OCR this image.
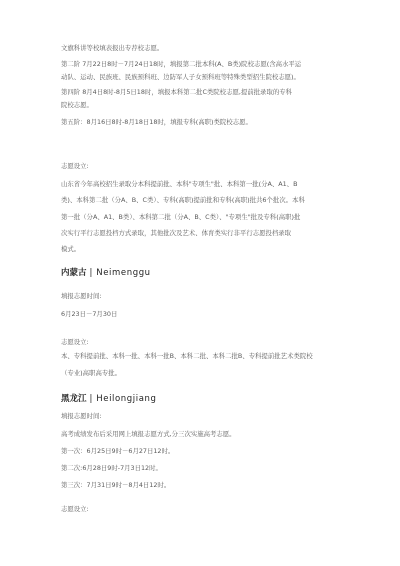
文旗科讲等校填表报出专荐校志愿。
第二阶 7月22日8时－7月24日18时，填报第二批本科(A、B类)院校志愿(含高水平运
动队、运动、民族班、民族预科班、边防军人子女预科班等特殊类型招生院校志愿)。
第四阶 8月4日8时-8月5日18时，填报本科第二批C类院校志愿,提前批录取的专科
院校志愿。
第五阶：8月16日8时-8月18日18时，填报专科(高职)类院校志愿。
志愿设立:
山东省今年高校招生录取分本科提前批、本科"专项生"批、本科第一批(分A、A1、B
类)、本科第二批（分A、B、C类）、专科(高职)提前批和专科(高职)批共6个批次。本科
第一批（分A、A1、B类）、本科第二批（分A、B、C类）、"专项生"批及专科(高职)批
次实行平行志愿投档方式录取，其他批次及艺术、体育类实行非平行志愿投档录取
模式。
内蒙古 | Neimenggu
填报志愿时间:
6月23日－7月30日
志愿设立:
本、专科提前批、本科一批、本科一批B、本科二批、本科二批B、专科提前批艺术类院校
（专业)高职高专批。
黑龙江 | Heilongjiang
填报志愿时间:
高考成绩发布后采用网上填报志愿方式,分三次实施高考志愿。
第一次：6月25日9时－6月27日12时。
第二次:6月28日9时-7月3日12时。
第三次：7月31日9时－8月4日12时。
志愿设立:
